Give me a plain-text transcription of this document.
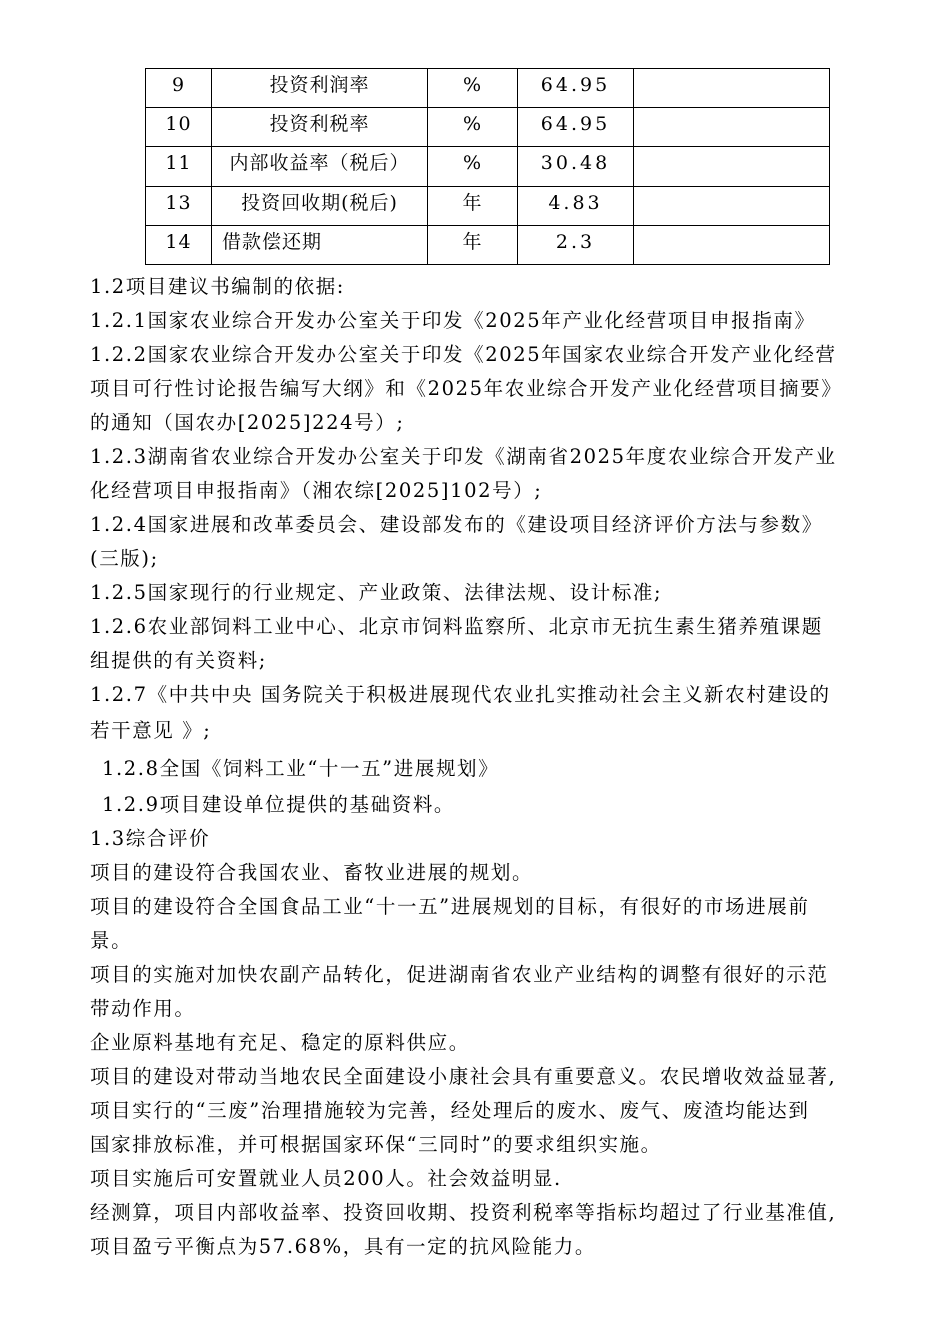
9	投资利润率	%	64.95	
10	投资利税率	%	64.95	
11	内部收益率（税后）	%	30.48	
13	投资回收期(税后)	年	4.83	
14	借款偿还期	年	2.3	

1.2项目建议书编制的依据:

1.2.1国家农业综合开发办公室关于印发《2025年产业化经营项目申报指南》

1.2.2国家农业综合开发办公室关于印发《2025年国家农业综合开发产业化经营

项目可行性讨论报告编写大纲》和《2025年农业综合开发产业化经营项目摘要》

的通知（国农办[2025]224号）;

1.2.3湖南省农业综合开发办公室关于印发《湖南省2025年度农业综合开发产业

化经营项目申报指南》（湘农综[2025]102号）;

1.2.4国家进展和改革委员会、建设部发布的《建设项目经济评价方法与参数》

(三版);

1.2.5国家现行的行业规定、产业政策、法律法规、设计标准;

1.2.6农业部饲料工业中心、北京市饲料监察所、北京市无抗生素生猪养殖课题

组提供的有关资料;

1.2.7《中共中央 国务院关于积极进展现代农业扎实推动社会主义新农村建设的

若干意见 》;

1.2.8全国《饲料工业“十一五”进展规划》

1.2.9项目建设单位提供的基础资料。

1.3综合评价

项目的建设符合我国农业、畜牧业进展的规划。

项目的建设符合全国食品工业“十一五”进展规划的目标，有很好的市场进展前

景。

项目的实施对加快农副产品转化，促进湖南省农业产业结构的调整有很好的示范

带动作用。

企业原料基地有充足、稳定的原料供应。

项目的建设对带动当地农民全面建设小康社会具有重要意义。农民增收效益显著,

项目实行的“三废”治理措施较为完善，经处理后的废水、废气、废渣均能达到

国家排放标准，并可根据国家环保“三同时”的要求组织实施。

项目实施后可安置就业人员200人。社会效益明显.

经测算，项目内部收益率、投资回收期、投资利税率等指标均超过了行业基准值,

项目盈亏平衡点为57.68%，具有一定的抗风险能力。
